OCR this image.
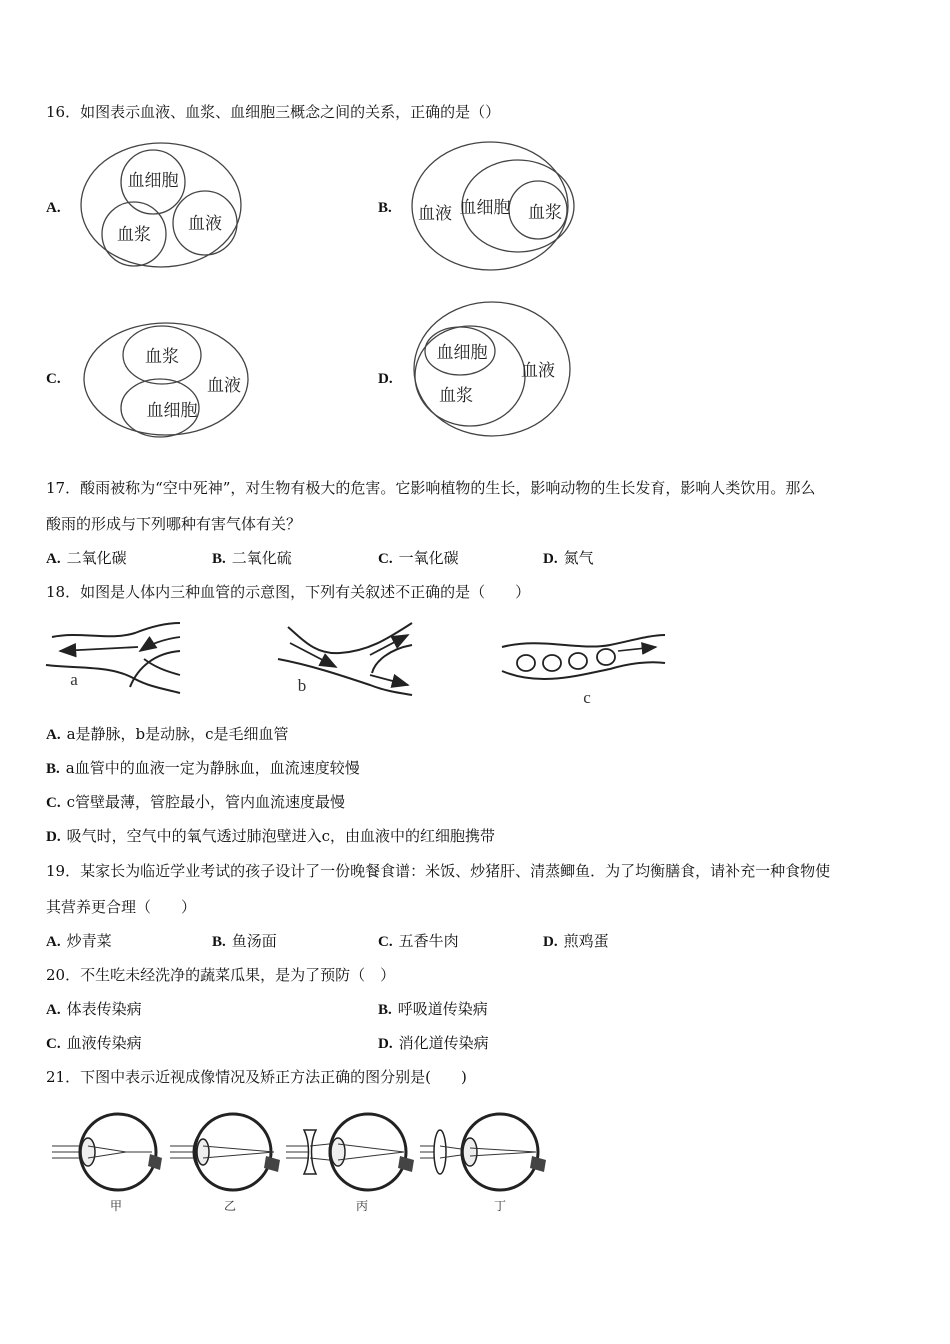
16．如图表示血液、血浆、血细胞三概念之间的关系，正确的是（）
A.
血细胞
血浆
血液
B. 血液 血细胞 血浆
C.
血浆
血液
血细胞
D.
血细胞
血浆
血液
17．酸雨被称为“空中死神”，对生物有极大的危害。它影响植物的生长，影响动物的生长发育，影响人类饮用。那么
酸雨的形成与下列哪种有害气体有关？
A. 二氧化碳	B. 二氧化硫	C. 一氧化碳	D. 氮气
18．如图是人体内三种血管的示意图，下列有关叙述不正确的是（　　）
a	b
c
A. a是静脉，b是动脉，c是毛细血管
B. a血管中的血液一定为静脉血，血流速度较慢
C. c管壁最薄，管腔最小，管内血流速度最慢
D. 吸气时，空气中的氧气透过肺泡壁进入c，由血液中的红细胞携带
19．某家长为临近学业考试的孩子设计了一份晚餐食谱：米饭、炒猪肝、清蒸鲫鱼．为了均衡膳食，请补充一种食物使
其营养更合理（　　）
A. 炒青菜	B. 鱼汤面	C. 五香牛肉	D. 煎鸡蛋
20．不生吃未经洗净的蔬菜瓜果，是为了预防（　）
A. 体表传染病	B. 呼吸道传染病
C. 血液传染病	D. 消化道传染病
21．下图中表示近视成像情况及矫正方法正确的图分别是(　　)
甲	乙	丙	丁
